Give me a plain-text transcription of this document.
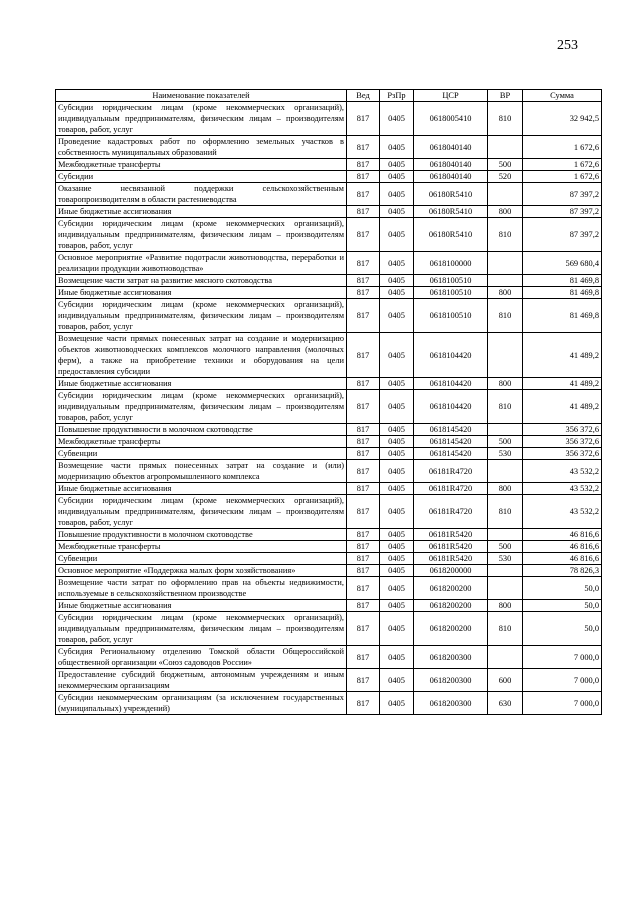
253
Наименование показателей	Вед	РзПр	ЦСР	ВР	Сумма
Субсидии юридическим лицам (кроме некоммерческих организаций), индивидуальным предпринимателям, физическим лицам – производителям товаров, работ, услуг	817	0405	0618005410	810	32 942,5
Проведение кадастровых работ по оформлению земельных участков в собственность муниципальных образований	817	0405	0618040140		1 672,6
Межбюджетные трансферты	817	0405	0618040140	500	1 672,6
Субсидии	817	0405	0618040140	520	1 672,6
Оказание несвязанной поддержки сельскохозяйственным товаропроизводителям в области растениеводства	817	0405	06180R5410		87 397,2
Иные бюджетные ассигнования	817	0405	06180R5410	800	87 397,2
Субсидии юридическим лицам (кроме некоммерческих организаций), индивидуальным предпринимателям, физическим лицам – производителям товаров, работ, услуг	817	0405	06180R5410	810	87 397,2
Основное мероприятие «Развитие подотрасли животноводства, переработки и реализации продукции животноводства»	817	0405	0618100000		569 680,4
Возмещение части затрат на развитие мясного скотоводства	817	0405	0618100510		81 469,8
Иные бюджетные ассигнования	817	0405	0618100510	800	81 469,8
Субсидии юридическим лицам (кроме некоммерческих организаций), индивидуальным предпринимателям, физическим лицам – производителям товаров, работ, услуг	817	0405	0618100510	810	81 469,8
Возмещение части прямых понесенных затрат на создание и модернизацию объектов животноводческих комплексов молочного направления (молочных ферм), а также на приобретение техники и оборудования на цели предоставления субсидии	817	0405	0618104420		41 489,2
Иные бюджетные ассигнования	817	0405	0618104420	800	41 489,2
Субсидии юридическим лицам (кроме некоммерческих организаций), индивидуальным предпринимателям, физическим лицам – производителям товаров, работ, услуг	817	0405	0618104420	810	41 489,2
Повышение продуктивности в молочном скотоводстве	817	0405	0618145420		356 372,6
Межбюджетные трансферты	817	0405	0618145420	500	356 372,6
Субвенции	817	0405	0618145420	530	356 372,6
Возмещение части прямых понесенных затрат на создание и (или) модернизацию объектов агропромышленного комплекса	817	0405	06181R4720		43 532,2
Иные бюджетные ассигнования	817	0405	06181R4720	800	43 532,2
Субсидии юридическим лицам (кроме некоммерческих организаций), индивидуальным предпринимателям, физическим лицам – производителям товаров, работ, услуг	817	0405	06181R4720	810	43 532,2
Повышение продуктивности в молочном скотоводстве	817	0405	06181R5420		46 816,6
Межбюджетные трансферты	817	0405	06181R5420	500	46 816,6
Субвенции	817	0405	06181R5420	530	46 816,6
Основное мероприятие «Поддержка малых форм хозяйствования»	817	0405	0618200000		78 826,3
Возмещение части затрат по оформлению прав на объекты недвижимости, используемые в сельскохозяйственном производстве	817	0405	0618200200		50,0
Иные бюджетные ассигнования	817	0405	0618200200	800	50,0
Субсидии юридическим лицам (кроме некоммерческих организаций), индивидуальным предпринимателям, физическим лицам – производителям товаров, работ, услуг	817	0405	0618200200	810	50,0
Субсидия Региональному отделению Томской области Общероссийской общественной организации «Союз садоводов России»	817	0405	0618200300		7 000,0
Предоставление субсидий бюджетным, автономным учреждениям и иным некоммерческим организациям	817	0405	0618200300	600	7 000,0
Субсидии некоммерческим организациям (за исключением государственных (муниципальных) учреждений)	817	0405	0618200300	630	7 000,0
